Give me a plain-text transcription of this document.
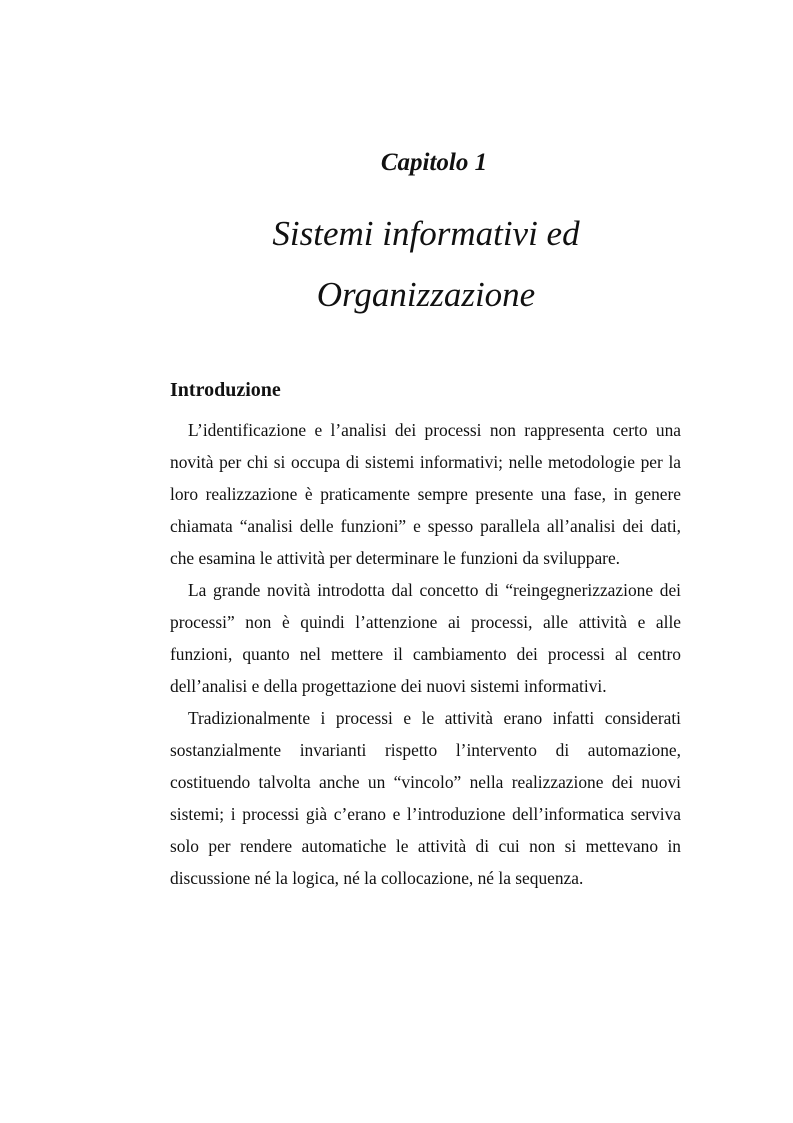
Capitolo 1
Sistemi informativi ed
Organizzazione
Introduzione

L’identificazione e l’analisi dei processi non rappresenta certo una novità per chi si occupa di sistemi informativi; nelle metodologie per la loro realizzazione è praticamente sempre presente una fase, in genere chiamata “analisi delle funzioni” e spesso parallela all’analisi dei dati, che esamina le attività per determinare le funzioni da sviluppare.

La grande novità introdotta dal concetto di “reingegnerizzazione dei processi” non è quindi l’attenzione ai processi, alle attività e alle funzioni, quanto nel mettere il cambiamento dei processi al centro dell’analisi e della progettazione dei nuovi sistemi informativi.

Tradizionalmente i processi e le attività erano infatti considerati sostanzialmente invarianti rispetto l’intervento di automazione, costituendo talvolta anche un “vincolo” nella realizzazione dei nuovi sistemi; i processi già c’erano e l’introduzione dell’informatica serviva solo per rendere automatiche le attività di cui non si mettevano in discussione né la logica, né la collocazione, né la sequenza.
